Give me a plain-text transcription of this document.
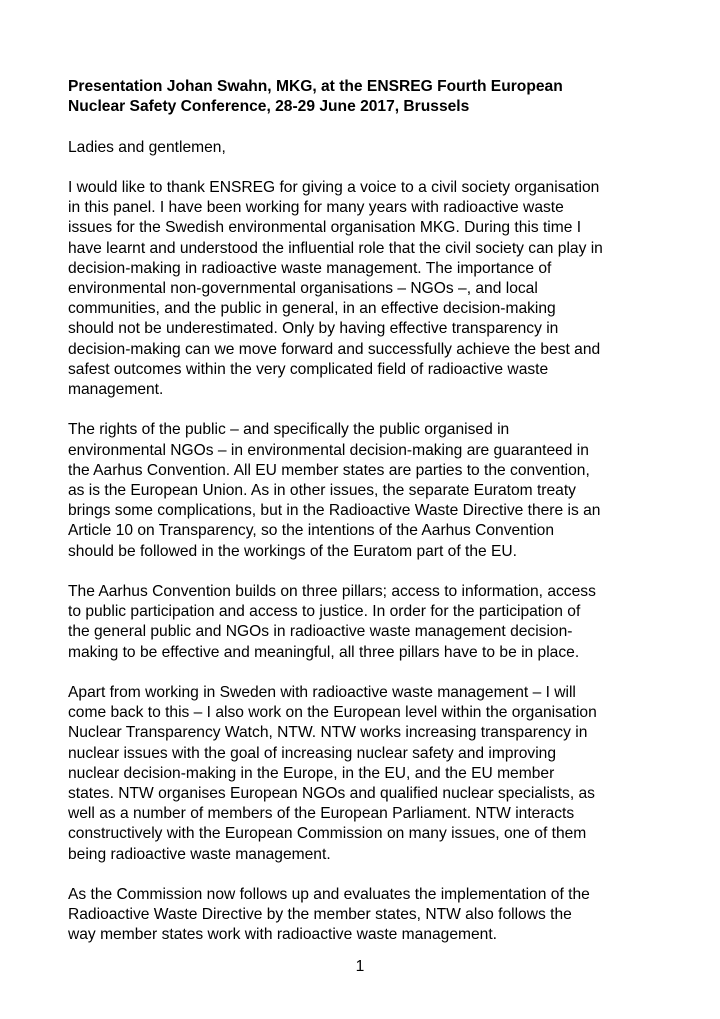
Presentation Johan Swahn, MKG, at the ENSREG Fourth European
Nuclear Safety Conference, 28-29 June 2017, Brussels
Ladies and gentlemen,
I would like to thank ENSREG for giving a voice to a civil society organisation
in this panel. I have been working for many years with radioactive waste
issues for the Swedish environmental organisation MKG. During this time I
have learnt and understood the influential role that the civil society can play in
decision-making in radioactive waste management. The importance of
environmental non-governmental organisations – NGOs –, and local
communities, and the public in general, in an effective decision-making
should not be underestimated. Only by having effective transparency in
decision-making can we move forward and successfully achieve the best and
safest outcomes within the very complicated field of radioactive waste
management.
The rights of the public – and specifically the public organised in
environmental NGOs – in environmental decision-making are guaranteed in
the Aarhus Convention. All EU member states are parties to the convention,
as is the European Union. As in other issues, the separate Euratom treaty
brings some complications, but in the Radioactive Waste Directive there is an
Article 10 on Transparency, so the intentions of the Aarhus Convention
should be followed in the workings of the Euratom part of the EU.
The Aarhus Convention builds on three pillars; access to information, access
to public participation and access to justice. In order for the participation of
the general public and NGOs in radioactive waste management decision-
making to be effective and meaningful, all three pillars have to be in place.
Apart from working in Sweden with radioactive waste management – I will
come back to this – I also work on the European level within the organisation
Nuclear Transparency Watch, NTW. NTW works increasing transparency in
nuclear issues with the goal of increasing nuclear safety and improving
nuclear decision-making in the Europe, in the EU, and the EU member
states. NTW organises European NGOs and qualified nuclear specialists, as
well as a number of members of the European Parliament. NTW interacts
constructively with the European Commission on many issues, one of them
being radioactive waste management.
As the Commission now follows up and evaluates the implementation of the
Radioactive Waste Directive by the member states, NTW also follows the
way member states work with radioactive waste management.
1
